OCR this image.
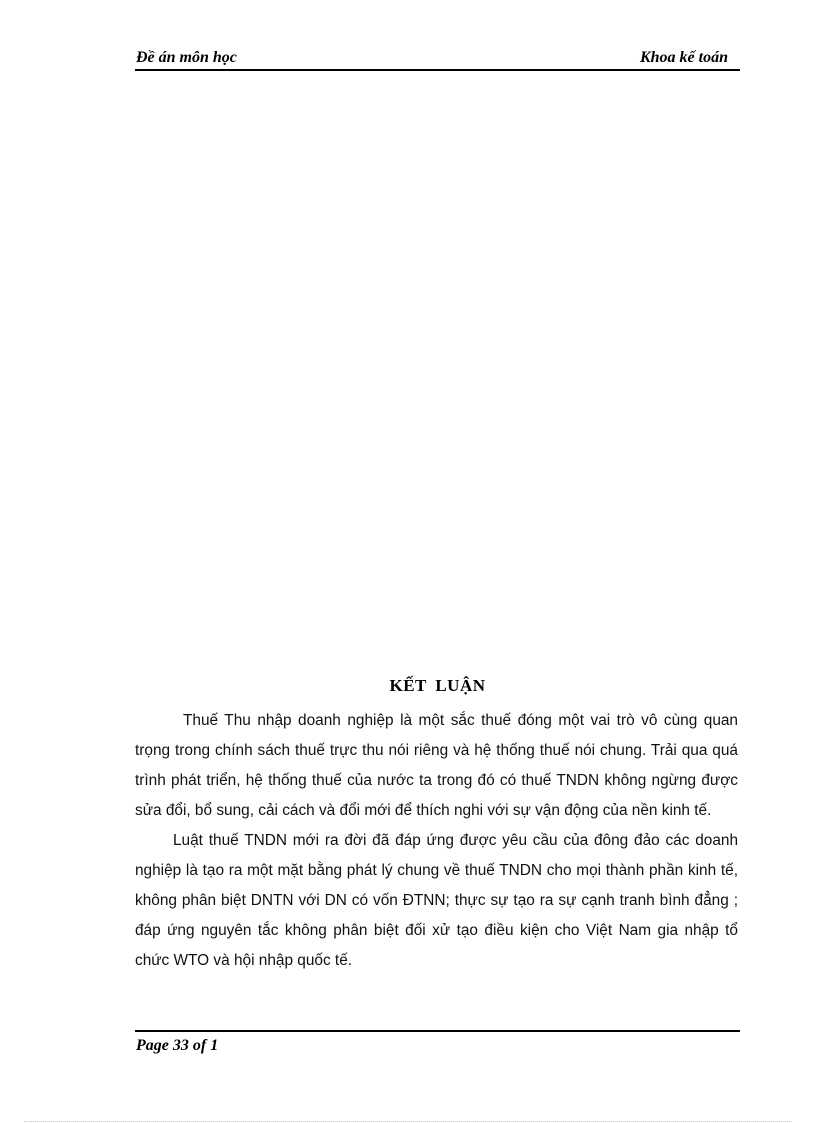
Đề án môn học	Khoa kế toán
KẾT LUẬN

Thuế Thu nhập doanh nghiệp là một sắc thuế đóng một vai trò vô cùng quan trọng trong chính sách thuế trực thu nói riêng và hệ thống thuế nói chung. Trải qua quá trình phát triển, hệ thống thuế của nước ta trong đó có thuế TNDN không ngừng được sửa đổi, bổ sung, cải cách và đổi mới để thích nghi với sự vận động của nền kinh tế.

Luật thuế TNDN mới ra đời đã đáp ứng được yêu cầu của đông đảo các doanh nghiệp là tạo ra một mặt bằng phát lý chung về thuế TNDN cho mọi thành phần kinh tế, không phân biệt DNTN với DN có vốn ĐTNN; thực sự tạo ra sự cạnh tranh bình đẳng ; đáp ứng nguyên tắc không phân biệt đối xử tạo điều kiện cho Việt Nam gia nhập tổ chức WTO và hội nhập quốc tế.

Page 33 of 1
